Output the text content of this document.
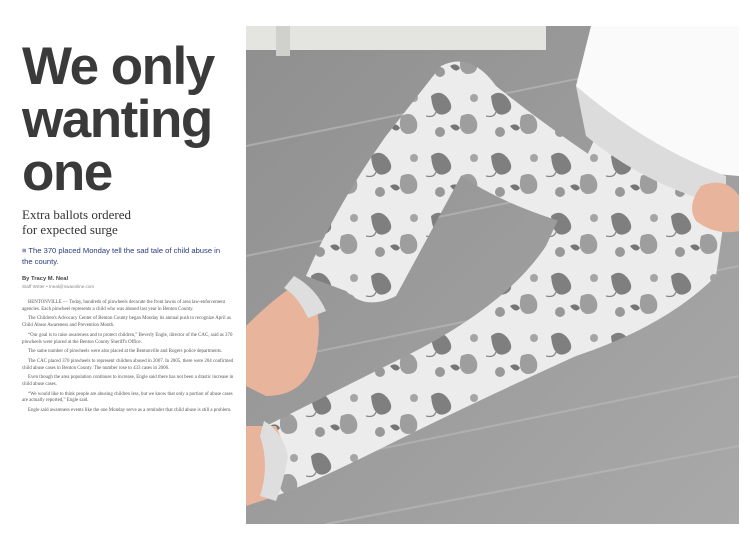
We only
wanting
one
Extra ballots ordered
for expected surge
≡ The 370 placed Monday tell the sad tale of child abuse in
the county.
By Tracy M. Neal
Staff Writer • tneal@nwaonline.com

BENTONVILLE — Today, hundreds of pinwheels decorate the front lawns of area law-enforcement agencies. Each pinwheel represents a child who was abused last year in Benton County.

The Children's Advocacy Center of Benton County began Monday its annual push to recognize April as Child Abuse Awareness and Prevention Month.

“Our goal is to raise awareness and to protect children,” Beverly Engle, director of the CAC, said as 370 pinwheels were placed at the Benton County Sheriff's Office.

The same number of pinwheels were also placed at the Bentonville and Rogers police departments.

The CAC placed 370 pinwheels to represent children abused in 2007. In 2005, there were 204 confirmed child abuse cases in Benton County. The number rose to 433 cases in 2006.

Even though the area population continues to increase, Engle said there has not been a drastic increase in child abuse cases.

“We would like to think people are abusing children less, but we know that only a portion of abuse cases are actually reported,” Engle said.

Engle said awareness events like the one Monday serve as a reminder that child abuse is still a problem.
